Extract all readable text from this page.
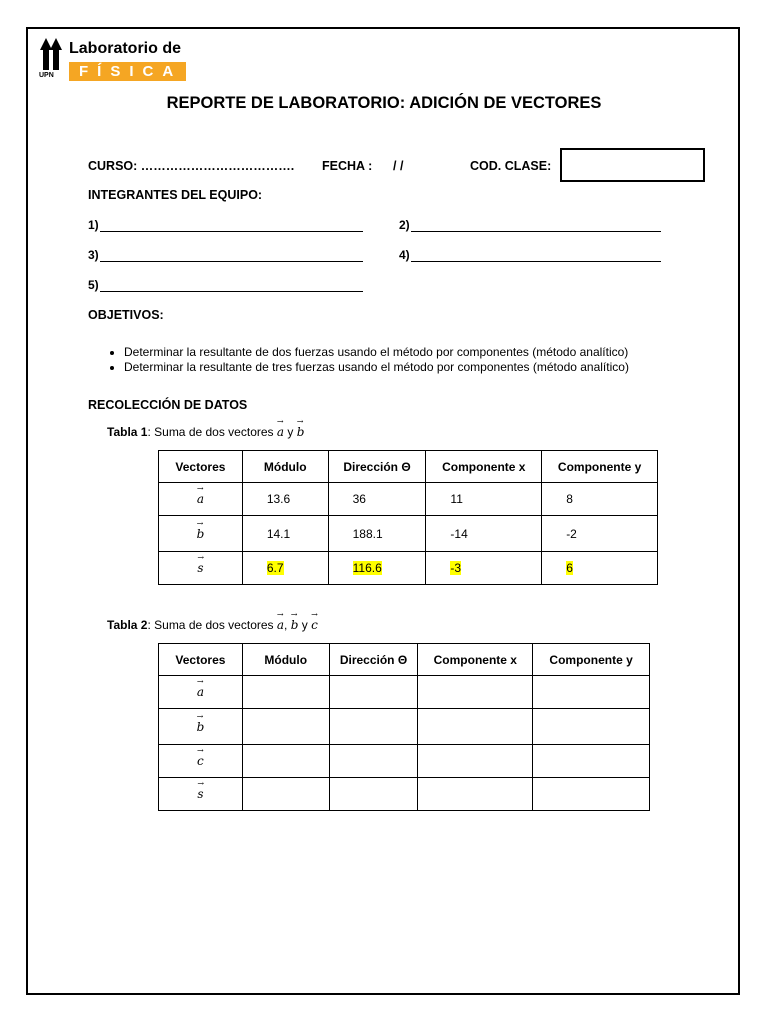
UPN
Laboratorio de
FÍSICA
REPORTE DE LABORATORIO: ADICIÓN DE VECTORES
CURSO: ………………………………. FECHA : / /	COD. CLASE:
INTEGRANTES DEL EQUIPO:
1)	2)
3)	4)
5)
OBJETIVOS:
• Determinar la resultante de dos fuerzas usando el método por componentes (método analítico)
• Determinar la resultante de tres fuerzas usando el método por componentes (método analítico)
RECOLECCIÓN DE DATOS
Tabla 1: Suma de dos vectores → a y → b
Vectores	Módulo	Dirección Θ	Componente x	Componente y
→ a	13.6	36	11	8
→ b	14.1	188.1	-14	-2
→ s	6.7	116.6	-3	6
Tabla 2: Suma de dos vectores → a, → b y → c
Vectores	Módulo	Dirección Θ	Componente x	Componente y
→ a				
→ b				
→ c				
→ s				
